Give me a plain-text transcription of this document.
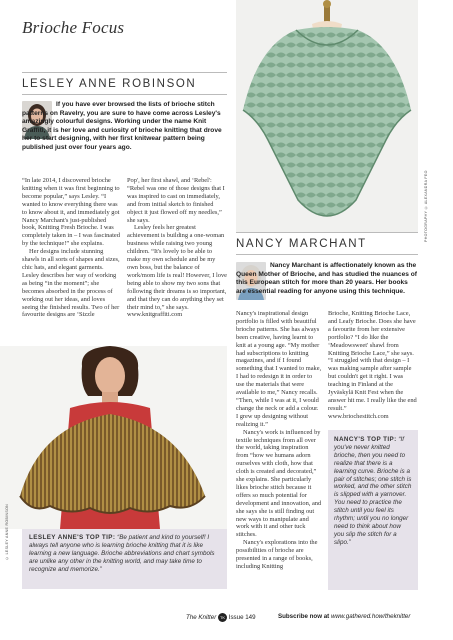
Brioche Focus
LESLEY ANNE ROBINSON
If you have ever browsed the lists of brioche stitch patterns on Ravelry, you are sure to have come across Lesley's amazingly colourful designs. Working under the name Knit Graffiti, it is her love and curiosity of brioche knitting that drove her to start designing, with her first knitwear pattern being published just over four years ago.

“In late 2014, I discovered brioche knitting when it was first beginning to become popular,” says Lesley. “I wanted to know everything there was to know about it, and immediately got Nancy Marchant's just-published book, Knitting Fresh Brioche. I was completely taken in – I was fascinated by the technique!” she explains.

Her designs include stunning shawls in all sorts of shapes and sizes, chic hats, and elegant garments. Lesley describes her way of working as being “in the moment”; she becomes absorbed in the process of working out her ideas, and loves seeing the finished results. Two of her favourite designs are ‘Sizzle

Pop', her first shawl, and ‘Rebel': “Rebel was one of those designs that I was inspired to cast on immediately, and from initial sketch to finished object it just flowed off my needles,” she says.

Lesley feels her greatest achievement is building a one-woman business while raising two young children. “It's lovely to be able to make my own schedule and be my own boss, but the balance of work/mom life is real! However, I love being able to show my two sons that following their dreams is so important, and that they can do anything they set their mind to,” she says.

www.knitgraffiti.com

© LESLEY ANNE ROBINSON	LESLEY ANNE'S TOP TIP: “Be patient and kind to yourself! I always tell anyone who is learning brioche knitting that it is like learning a new language. Brioche abbreviations and chart symbols are unlike any other in the knitting world, and may take time to recognize and memorize.”
PHOTOGRAPHY © ALEXANDRA FEO
NANCY MARCHANT
Nancy Marchant is affectionately known as the Queen Mother of Brioche, and has studied the nuances of this European stitch for more than 20 years. Her books are essential reading for anyone using this technique.

Nancy's inspirational design portfolio is filled with beautiful brioche patterns. She has always been creative, having learnt to knit at a young age. “My mother had subscriptions to knitting magazines, and if I found something that I wanted to make, I had to redesign it in order to use the materials that were available to me,” Nancy recalls. “Then, while I was at it, I would change the neck or add a colour. I grew up designing without realizing it.”

Nancy's work is influenced by textile techniques from all over the world, taking inspiration from “how we humans adorn ourselves with cloth, how that cloth is created and decorated,” she explains. She particularly likes brioche stitch because it offers so much potential for development and innovation, and she says she is still finding out new ways to manipulate and work with it and other tuck stitches.

Nancy's explorations into the possibilities of brioche are presented in a range of books, including Knitting

Brioche, Knitting Brioche Lace, and Leafy Brioche. Does she have a favourite from her extensive portfolio? “I do like the ‘Meadowsweet' shawl from Knitting Brioche Lace,” she says. “I struggled with that design – I was making sample after sample but couldn't get it right. I was teaching in Finland at the Jyväskylä Knit Fest when the answer hit me. I really like the end result.”

www.briochestitch.com

NANCY'S TOP TIP: “If you've never knitted brioche, then you need to realize that there is a learning curve. Brioche is a pair of stitches; one stitch is worked, and the other stitch is slipped with a yarnover. You need to practice the stitch until you feel its rhythm; until you no longer need to think about how you slip the stitch for a slipo.”
The Knitter TK Issue 149	Subscribe now at www.gathered.how/theknitter
